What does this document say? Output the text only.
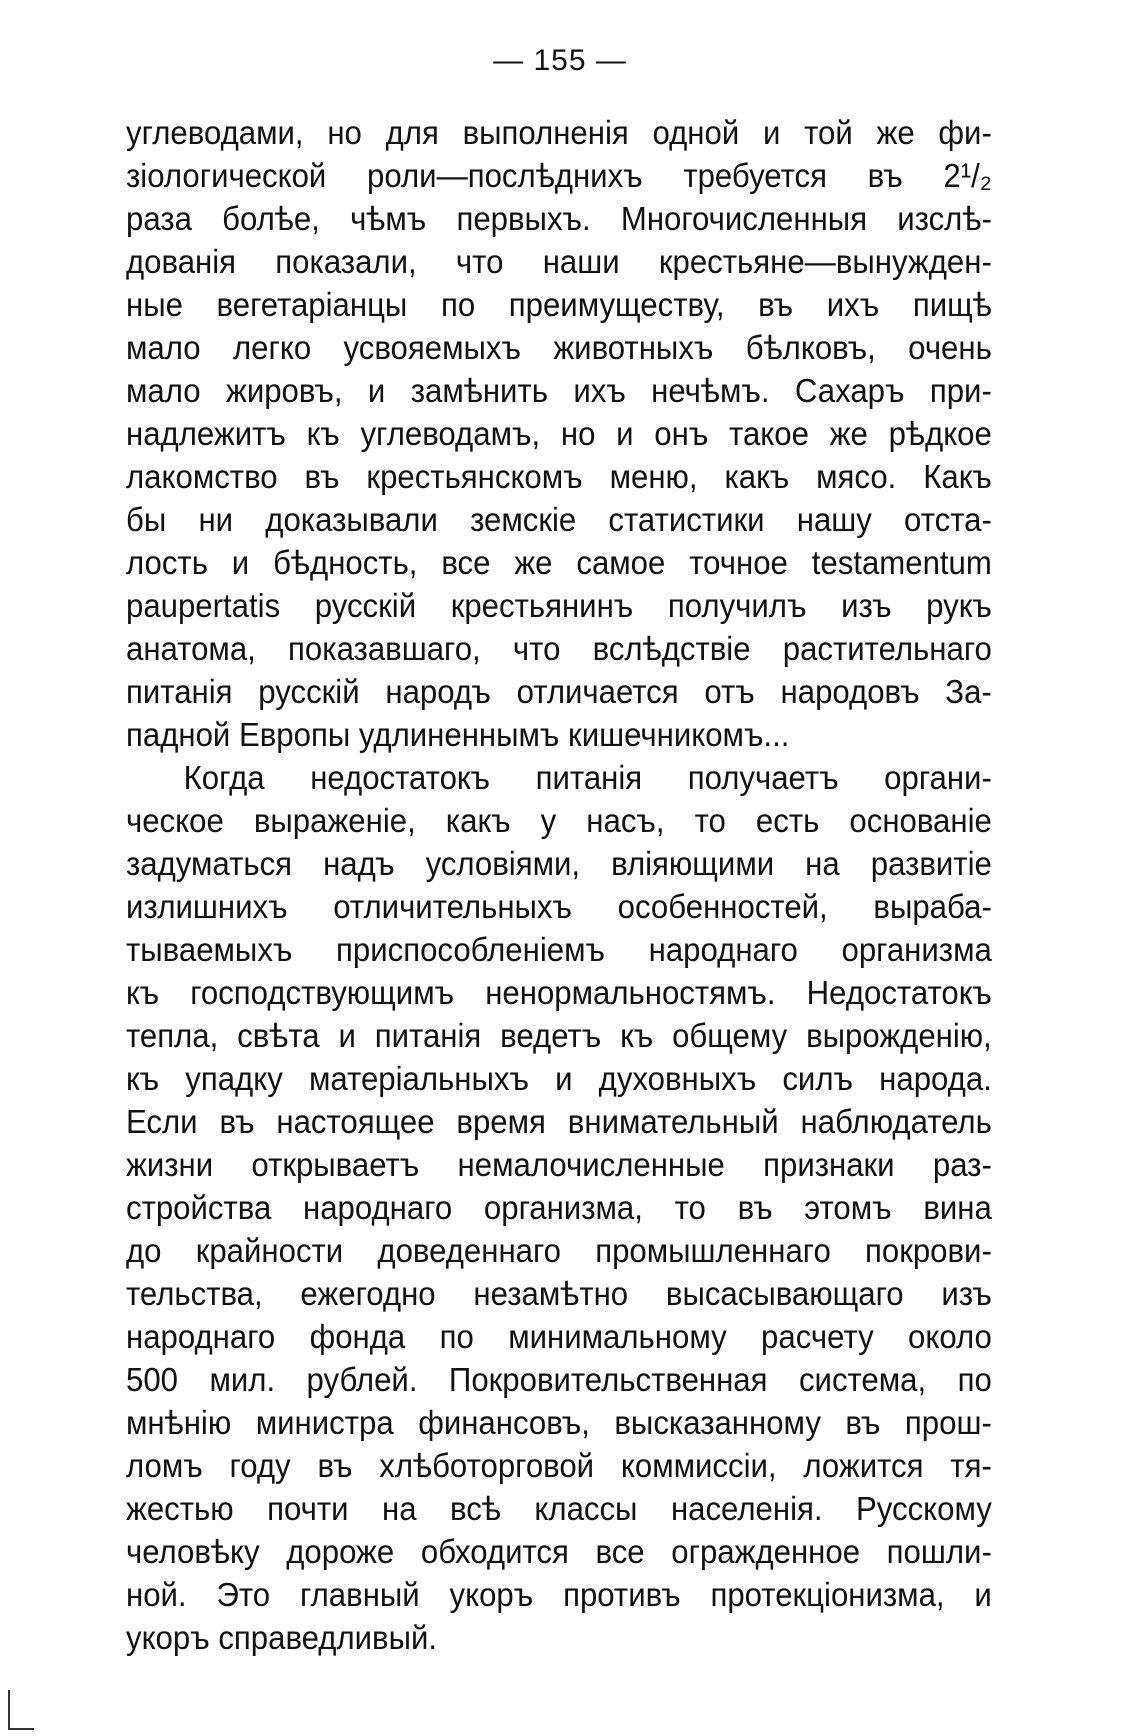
— 155 —
углеводами, но для выполненія одной и той же фи-
зіологической роли—послѣднихъ требуется въ 2¹/₂
раза болѣе, чѣмъ первыхъ. Многочисленныя изслѣ-
дованія показали, что наши крестьяне—вынужден-
ные вегетаріанцы по преимуществу, въ ихъ пищѣ
мало легко усвояемыхъ животныхъ бѣлковъ, очень
мало жировъ, и замѣнить ихъ нечѣмъ. Сахаръ при-
надлежитъ къ углеводамъ, но и онъ такое же рѣдкое
лакомство въ крестьянскомъ меню, какъ мясо. Какъ
бы ни доказывали земскіе статистики нашу отста-
лость и бѣдность, все же самое точное testamentum
paupertatis русскій крестьянинъ получилъ изъ рукъ
анатома, показавшаго, что вслѣдствіе растительнаго
питанія русскій народъ отличается отъ народовъ За-
падной Европы удлиненнымъ кишечникомъ...
Когда недостатокъ питанія получаетъ органи-
ческое выраженіе, какъ у насъ, то есть основаніе
задуматься надъ условіями, вліяющими на развитіе
излишнихъ отличительныхъ особенностей, выраба-
тываемыхъ приспособленіемъ народнаго организма
къ господствующимъ ненормальностямъ. Недостатокъ
тепла, свѣта и питанія ведетъ къ общему вырожденію,
къ упадку матеріальныхъ и духовныхъ силъ народа.
Если въ настоящее время внимательный наблюдатель
жизни открываетъ немалочисленные признаки раз-
стройства народнаго организма, то въ этомъ вина
до крайности доведеннаго промышленнаго покрови-
тельства, ежегодно незамѣтно высасывающаго изъ
народнаго фонда по минимальному расчету около
500 мил. рублей. Покровительственная система, по
мнѣнію министра финансовъ, высказанному въ прош-
ломъ году въ хлѣботорговой коммиссіи, ложится тя-
жестью почти на всѣ классы населенія. Русскому
человѣку дороже обходится все огражденное пошли-
ной. Это главный укоръ противъ протекціонизма, и
укоръ справедливый.
